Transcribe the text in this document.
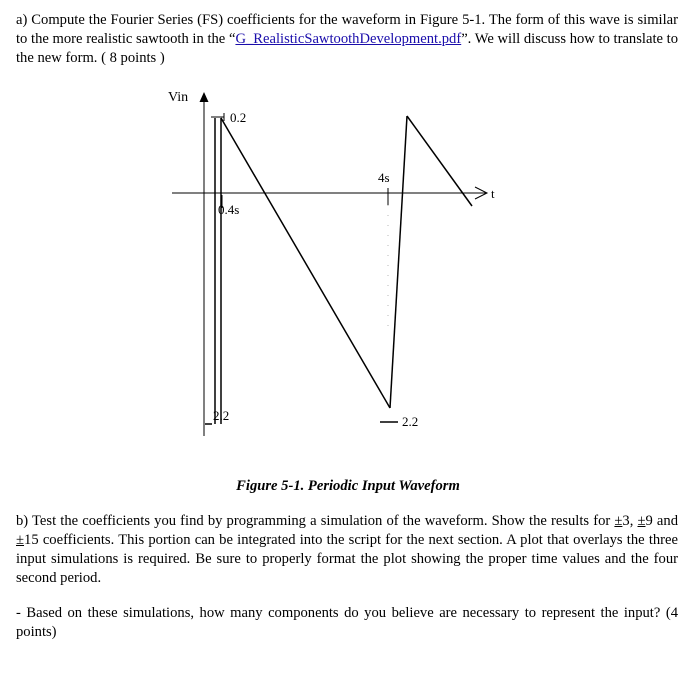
a) Compute the Fourier Series (FS) coefficients for the waveform in Figure 5-1. The form of this wave is similar to the more realistic sawtooth in the “G_RealisticSawtoothDevelopment.pdf”. We will discuss how to translate to the new form. ( 8 points )

Vin
t
0.2
0.4s
4s
2.2	2.2

Figure 5-1. Periodic Input Waveform

b) Test the coefficients you find by programming a simulation of the waveform. Show the results for ±3, ±9 and ±15 coefficients. This portion can be integrated into the script for the next section. A plot that overlays the three input simulations is required. Be sure to properly format the plot showing the proper time values and the four second period.

- Based on these simulations, how many components do you believe are necessary to represent the input? (4 points)
